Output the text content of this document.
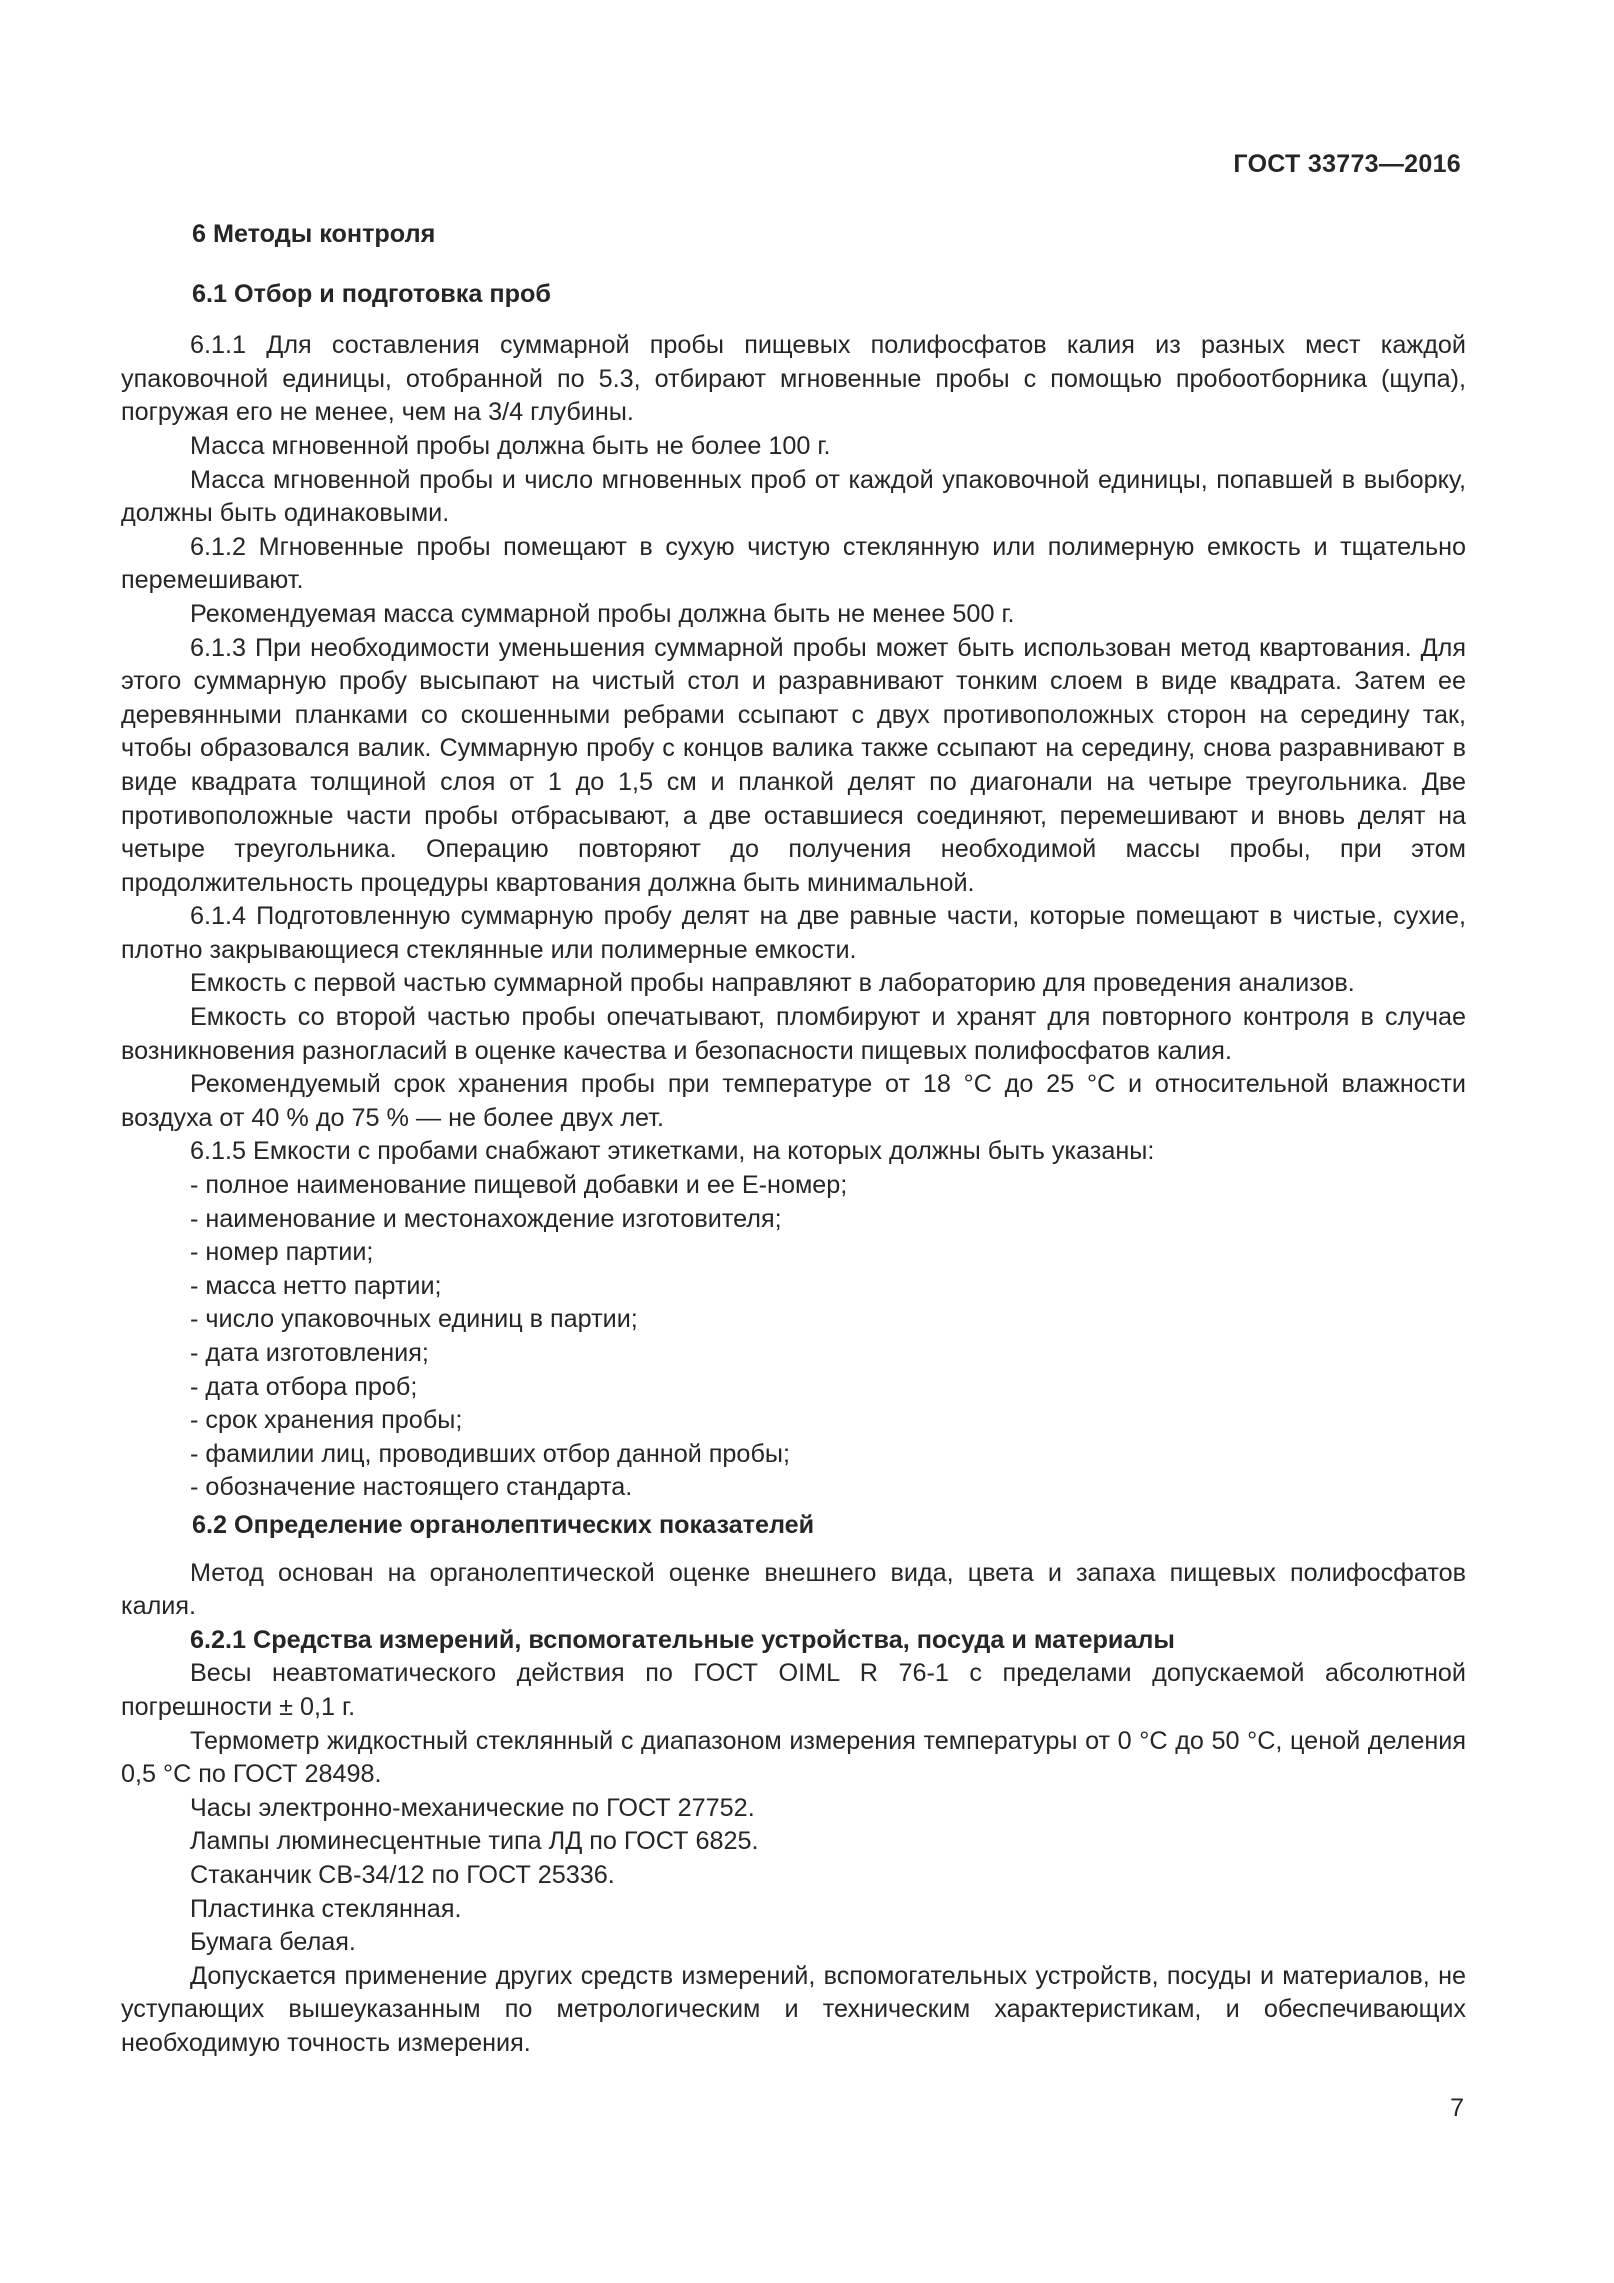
ГОСТ 33773—2016

6 Методы контроля

6.1 Отбор и подготовка проб

6.1.1 Для составления суммарной пробы пищевых полифосфатов калия из разных мест каждой упаковочной единицы, отобранной по 5.3, отбирают мгновенные пробы с помощью пробоотборника (щупа), погружая его не менее, чем на 3/4 глубины.

Масса мгновенной пробы должна быть не более 100 г.

Масса мгновенной пробы и число мгновенных проб от каждой упаковочной единицы, попавшей в выборку, должны быть одинаковыми.

6.1.2 Мгновенные пробы помещают в сухую чистую стеклянную или полимерную емкость и тщательно перемешивают.

Рекомендуемая масса суммарной пробы должна быть не менее 500 г.

6.1.3 При необходимости уменьшения суммарной пробы может быть использован метод квартования. Для этого суммарную пробу высыпают на чистый стол и разравнивают тонким слоем в виде квадрата. Затем ее деревянными планками со скошенными ребрами ссыпают с двух противоположных сторон на середину так, чтобы образовался валик. Суммарную пробу с концов валика также ссыпают на середину, снова разравнивают в виде квадрата толщиной слоя от 1 до 1,5 см и планкой делят по диагонали на четыре треугольника. Две противоположные части пробы отбрасывают, а две оставшиеся соединяют, перемешивают и вновь делят на четыре треугольника. Операцию повторяют до получения необходимой массы пробы, при этом продолжительность процедуры квартования должна быть минимальной.

6.1.4 Подготовленную суммарную пробу делят на две равные части, которые помещают в чистые, сухие, плотно закрывающиеся стеклянные или полимерные емкости.

Емкость с первой частью суммарной пробы направляют в лабораторию для проведения анализов.

Емкость со второй частью пробы опечатывают, пломбируют и хранят для повторного контроля в случае возникновения разногласий в оценке качества и безопасности пищевых полифосфатов калия.

Рекомендуемый срок хранения пробы при температуре от 18 °С до 25 °С и относительной влажности воздуха от 40 % до 75 % — не более двух лет.

6.1.5 Емкости с пробами снабжают этикетками, на которых должны быть указаны:

- полное наименование пищевой добавки и ее Е-номер;
- наименование и местонахождение изготовителя;
- номер партии;
- масса нетто партии;
- число упаковочных единиц в партии;
- дата изготовления;
- дата отбора проб;
- срок хранения пробы;
- фамилии лиц, проводивших отбор данной пробы;
- обозначение настоящего стандарта.

6.2 Определение органолептических показателей

Метод основан на органолептической оценке внешнего вида, цвета и запаха пищевых полифосфатов калия.

6.2.1 Средства измерений, вспомогательные устройства, посуда и материалы

Весы неавтоматического действия по ГОСТ OIML R 76-1 с пределами допускаемой абсолютной погрешности ± 0,1 г.

Термометр жидкостный стеклянный с диапазоном измерения температуры от 0 °С до 50 °С, ценой деления 0,5 °С по ГОСТ 28498.

Часы электронно-механические по ГОСТ 27752.

Лампы люминесцентные типа ЛД по ГОСТ 6825.

Стаканчик СВ-34/12 по ГОСТ 25336.

Пластинка стеклянная.

Бумага белая.

Допускается применение других средств измерений, вспомогательных устройств, посуды и материалов, не уступающих вышеуказанным по метрологическим и техническим характеристикам, и обеспечивающих необходимую точность измерения.

7
